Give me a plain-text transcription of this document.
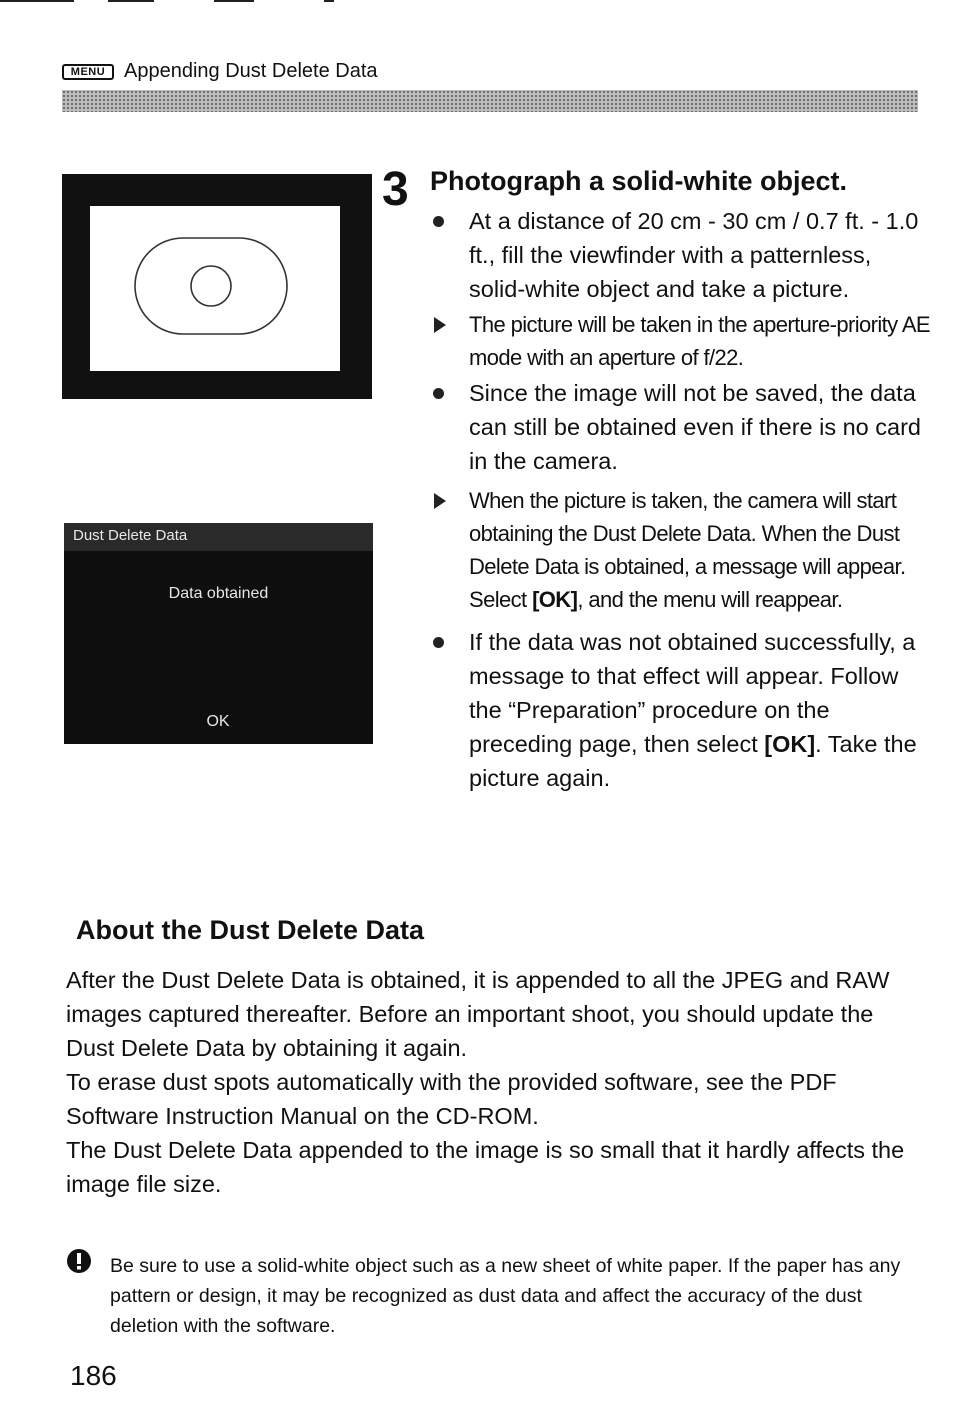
MENU Appending Dust Delete Data
3 Photograph a solid-white object.
Dust Delete Data
Data obtained
OK
At a distance of 20 cm - 30 cm / 0.7 ft. - 1.0 ft., fill the viewfinder with a patternless, solid-white object and take a picture.
The picture will be taken in the aperture-priority AE mode with an aperture of f/22.
Since the image will not be saved, the data can still be obtained even if there is no card in the camera.
When the picture is taken, the camera will start obtaining the Dust Delete Data. When the Dust Delete Data is obtained, a message will appear. Select [OK], and the menu will reappear.
If the data was not obtained successfully, a message to that effect will appear. Follow the “Preparation” procedure on the preceding page, then select [OK]. Take the picture again.
About the Dust Delete Data

After the Dust Delete Data is obtained, it is appended to all the JPEG and RAW images captured thereafter. Before an important shoot, you should update the Dust Delete Data by obtaining it again.

To erase dust spots automatically with the provided software, see the PDF Software Instruction Manual on the CD-ROM.

The Dust Delete Data appended to the image is so small that it hardly affects the image file size.

Be sure to use a solid-white object such as a new sheet of white paper. If the paper has any pattern or design, it may be recognized as dust data and affect the accuracy of the dust deletion with the software.
186
